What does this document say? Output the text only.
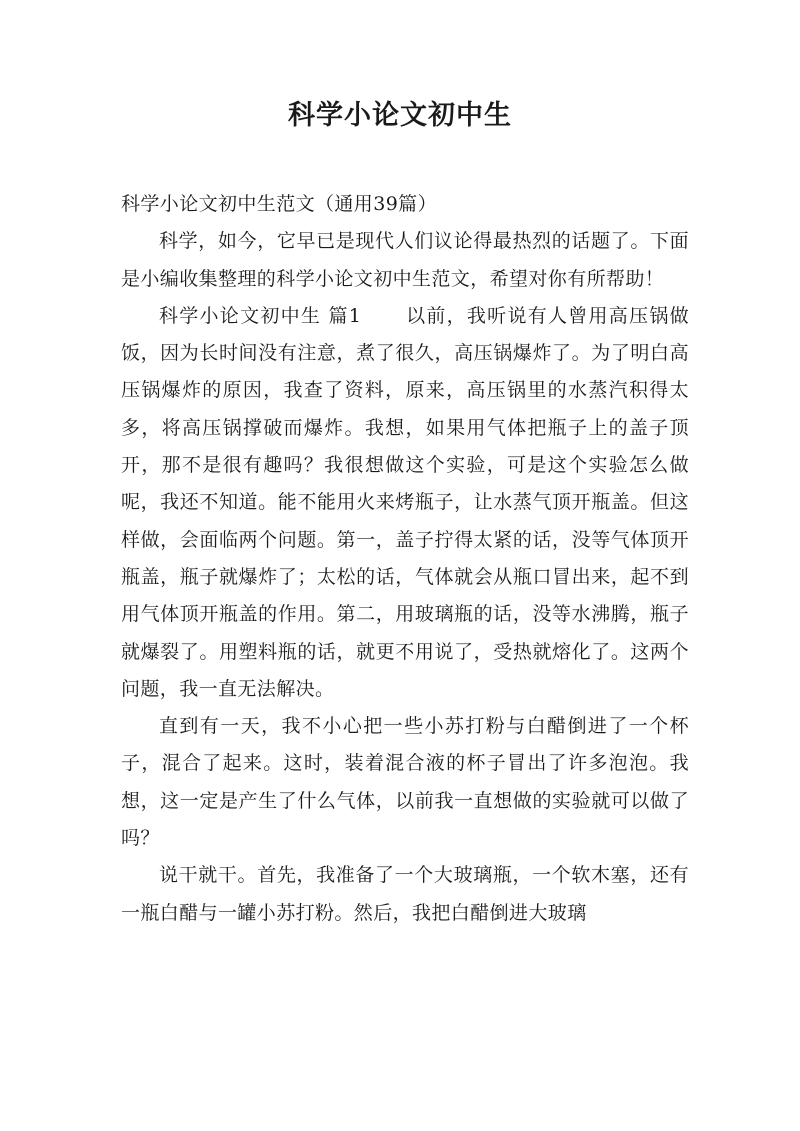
科学小论文初中生

科学小论文初中生范文（通用39篇）

科学，如今，它早已是现代人们议论得最热烈的话题了。下面是小编收集整理的科学小论文初中生范文，希望对你有所帮助！

科学小论文初中生 篇1 以前，我听说有人曾用高压锅做饭，因为长时间没有注意，煮了很久，高压锅爆炸了。为了明白高压锅爆炸的原因，我查了资料，原来，高压锅里的水蒸汽积得太多，将高压锅撑破而爆炸。我想，如果用气体把瓶子上的盖子顶开，那不是很有趣吗？我很想做这个实验，可是这个实验怎么做呢，我还不知道。能不能用火来烤瓶子，让水蒸气顶开瓶盖。但这样做，会面临两个问题。第一，盖子拧得太紧的话，没等气体顶开瓶盖，瓶子就爆炸了；太松的话，气体就会从瓶口冒出来，起不到用气体顶开瓶盖的作用。第二，用玻璃瓶的话，没等水沸腾，瓶子就爆裂了。用塑料瓶的话，就更不用说了，受热就熔化了。这两个问题，我一直无法解决。

直到有一天，我不小心把一些小苏打粉与白醋倒进了一个杯子，混合了起来。这时，装着混合液的杯子冒出了许多泡泡。我想，这一定是产生了什么气体，以前我一直想做的实验就可以做了吗？

说干就干。首先，我准备了一个大玻璃瓶，一个软木塞，还有一瓶白醋与一罐小苏打粉。然后，我把白醋倒进大玻璃
